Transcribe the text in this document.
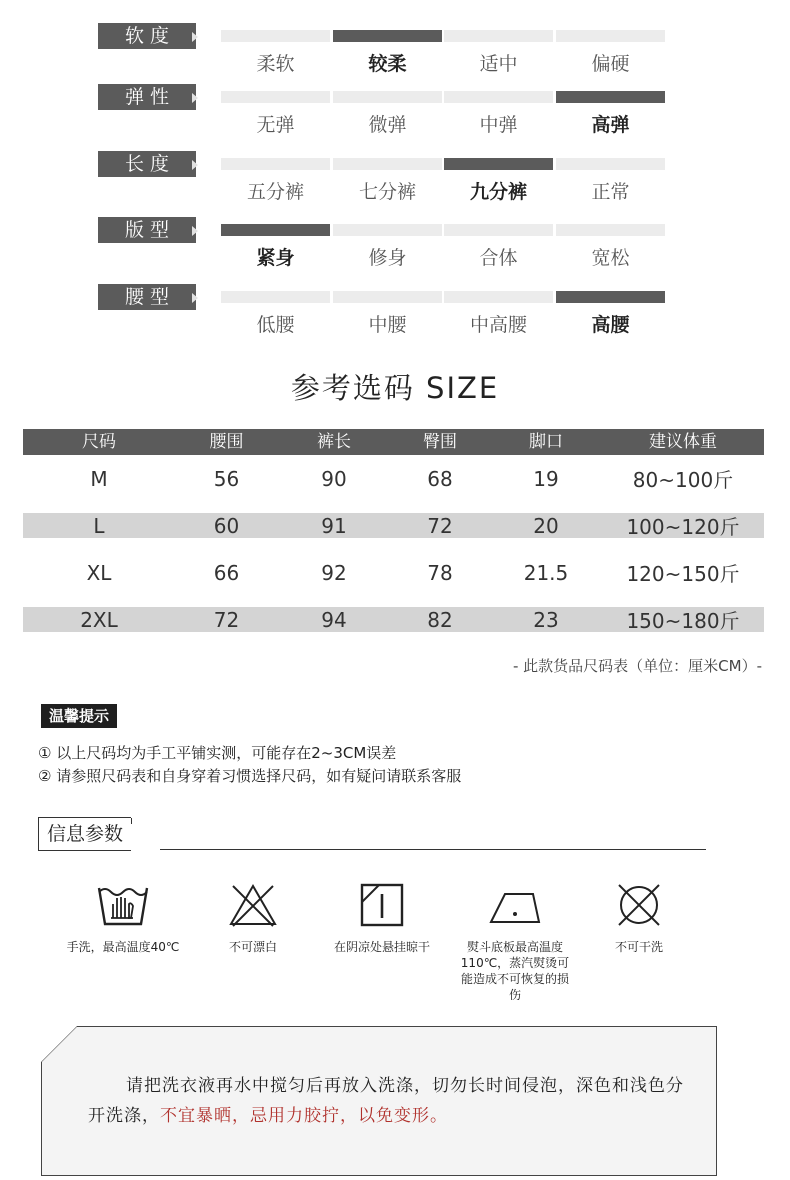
软度
柔软	较柔	适中	偏硬
弹性
无弹	微弹	中弹	高弹
长度
五分裤	七分裤	九分裤	正常
版型
紧身	修身	合体	宽松
腰型
低腰	中腰	中高腰	高腰
参考选码 SIZE
尺码	腰围	裤长	臀围	脚口	建议体重
M	56	90	68	19	80~100斤
L	60	91	72	20	100~120斤
XL	66	92	78	21.5	120~150斤
2XL	72	94	82	23	150~180斤
- 此款货品尺码表（单位：厘米CM）-
温馨提示
① 以上尺码均为手工平铺实测，可能存在2~3CM误差
② 请参照尺码表和自身穿着习惯选择尺码，如有疑问请联系客服
信息参数
手洗，最高温度40℃	不可漂白	在阴凉处悬挂晾干	熨斗底板最高温度 110℃，蒸汽熨烫可能造成不可恢复的损伤
不可干洗
请把洗衣液再水中搅匀后再放入洗涤，切勿长时间侵泡，深色和浅色分开洗涤，不宜暴晒，忌用力胶拧，以免变形。
